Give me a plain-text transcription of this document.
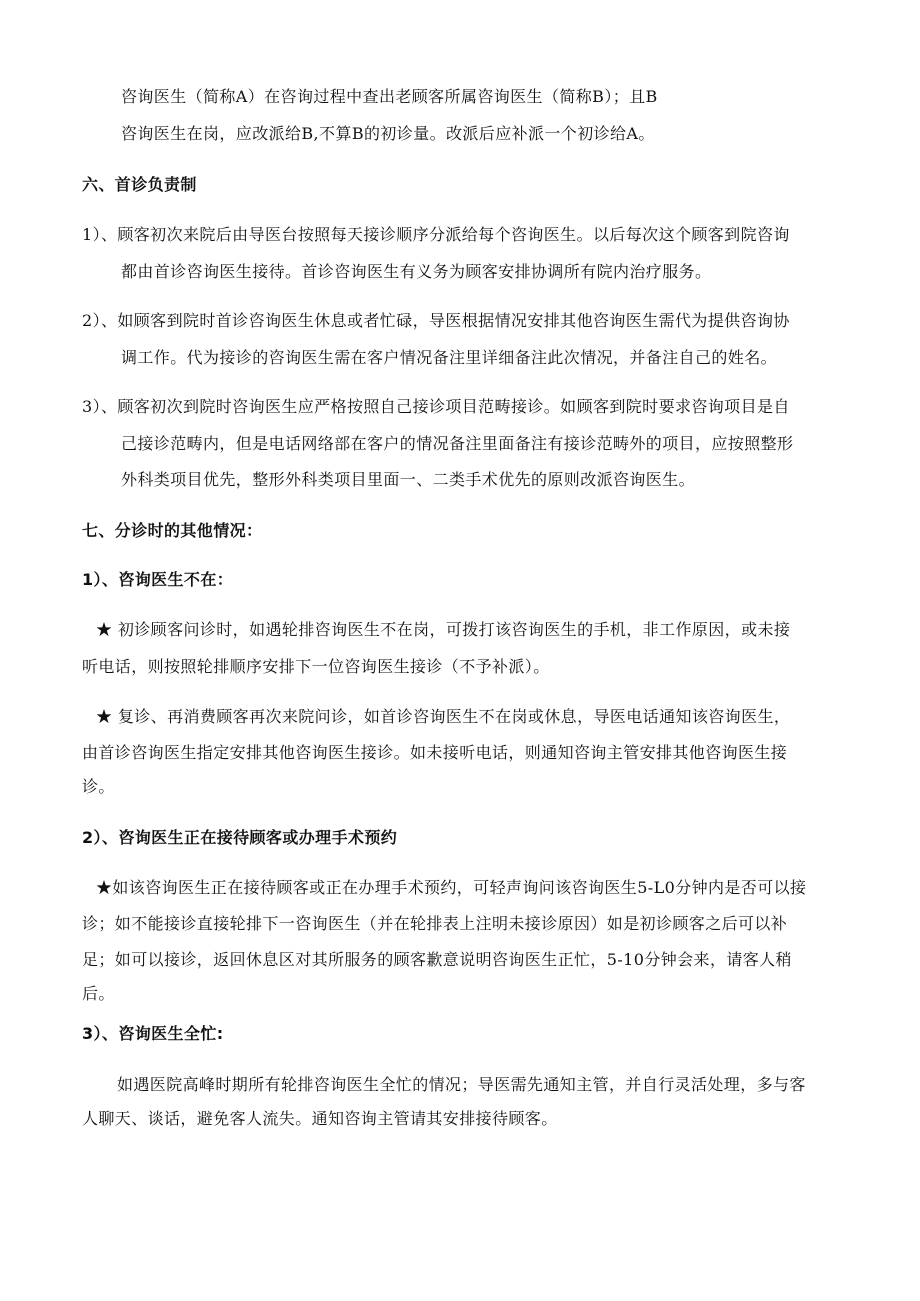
咨询医生（简称A）在咨询过程中查出老顾客所属咨询医生（简称B）；且B

咨询医生在岗，应改派给B,不算B的初诊量。改派后应补派一个初诊给A。

六、首诊负责制

1）、顾客初次来院后由导医台按照每天接诊顺序分派给每个咨询医生。以后每次这个顾客到院咨询

都由首诊咨询医生接待。首诊咨询医生有义务为顾客安排协调所有院内治疗服务。

2）、如顾客到院时首诊咨询医生休息或者忙碌，导医根据情况安排其他咨询医生需代为提供咨询协

调工作。代为接诊的咨询医生需在客户情况备注里详细备注此次情况，并备注自己的姓名。

3）、顾客初次到院时咨询医生应严格按照自己接诊项目范畴接诊。如顾客到院时要求咨询项目是自

己接诊范畴内，但是电话网络部在客户的情况备注里面备注有接诊范畴外的项目，应按照整形

外科类项目优先，整形外科类项目里面一、二类手术优先的原则改派咨询医生。

七、分诊时的其他情况：

1）、咨询医生不在：

★ 初诊顾客问诊时，如遇轮排咨询医生不在岗，可拨打该咨询医生的手机，非工作原因，或未接

听电话，则按照轮排顺序安排下一位咨询医生接诊（不予补派）。

★ 复诊、再消费顾客再次来院问诊，如首诊咨询医生不在岗或休息，导医电话通知该咨询医生，

由首诊咨询医生指定安排其他咨询医生接诊。如未接听电话，则通知咨询主管安排其他咨询医生接

诊。

2）、咨询医生正在接待顾客或办理手术预约

★如该咨询医生正在接待顾客或正在办理手术预约，可轻声询问该咨询医生5-L0分钟内是否可以接

诊；如不能接诊直接轮排下一咨询医生（并在轮排表上注明未接诊原因）如是初诊顾客之后可以补

足；如可以接诊，返回休息区对其所服务的顾客歉意说明咨询医生正忙，5-10分钟会来，请客人稍

后。

3）、咨询医生全忙:

如遇医院高峰时期所有轮排咨询医生全忙的情况；导医需先通知主管，并自行灵活处理，多与客

人聊天、谈话，避免客人流失。通知咨询主管请其安排接待顾客。
